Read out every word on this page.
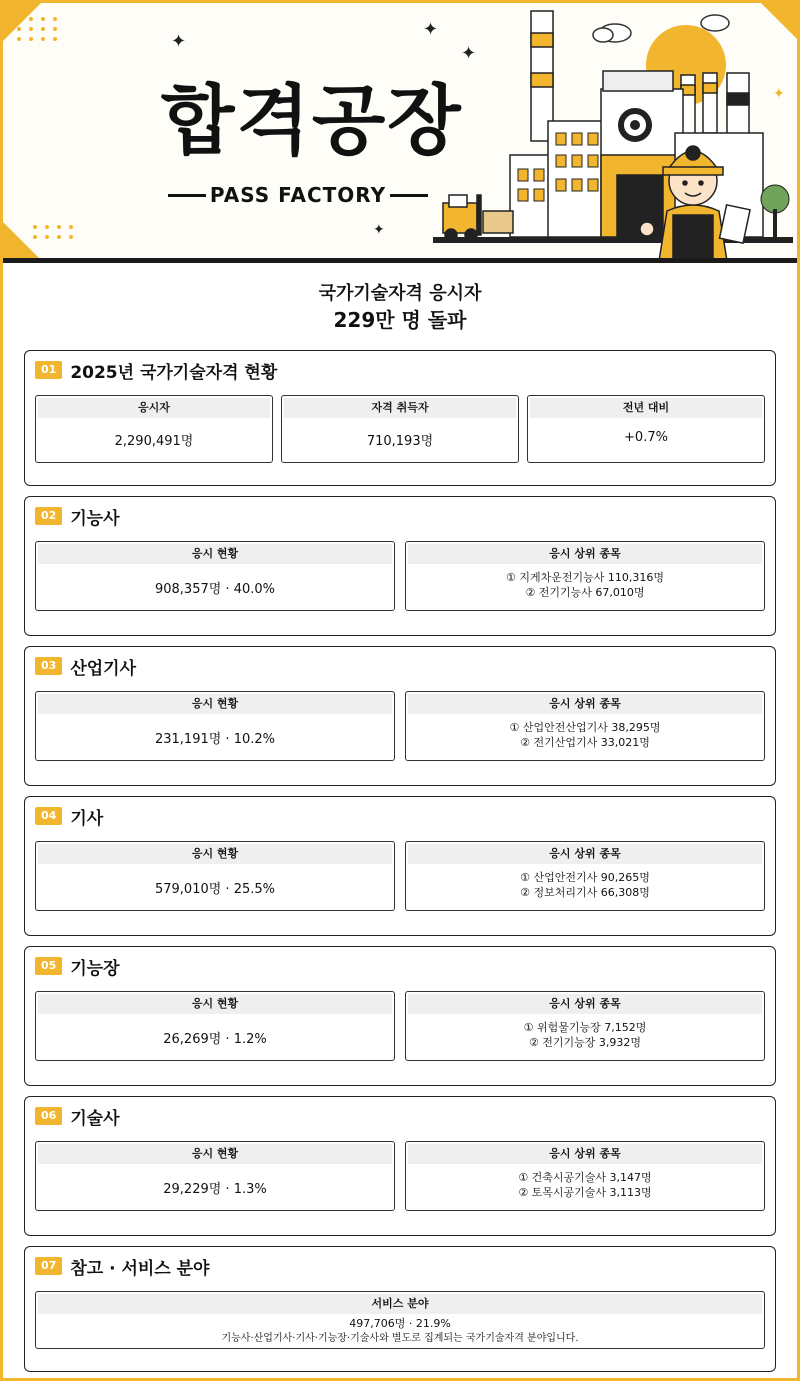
✦
✦
✦
✦
✦
합격공장
PASS FACTORY
국가기술자격 응시자
229만 명 돌파
01 2025년 국가기술자격 현황
응시자
2,290,491명
자격 취득자
710,193명
전년 대비
+0.7%
02 기능사
응시 현황
908,357명 · 40.0%
응시 상위 종목
① 지게차운전기능사 110,316명
② 전기기능사 67,010명
03 산업기사
응시 현황
231,191명 · 10.2%
응시 상위 종목
① 산업안전산업기사 38,295명
② 전기산업기사 33,021명
04 기사
응시 현황
579,010명 · 25.5%
응시 상위 종목
① 산업안전기사 90,265명
② 정보처리기사 66,308명
05 기능장
응시 현황
26,269명 · 1.2%
응시 상위 종목
① 위험물기능장 7,152명
② 전기기능장 3,932명
06 기술사
응시 현황
29,229명 · 1.3%
응시 상위 종목
① 건축시공기술사 3,147명
② 토목시공기술사 3,113명
07 참고 · 서비스 분야
서비스 분야
497,706명 · 21.9%
기능사·산업기사·기사·기능장·기술사와 별도로 집계되는 국가기술자격 분야입니다.
